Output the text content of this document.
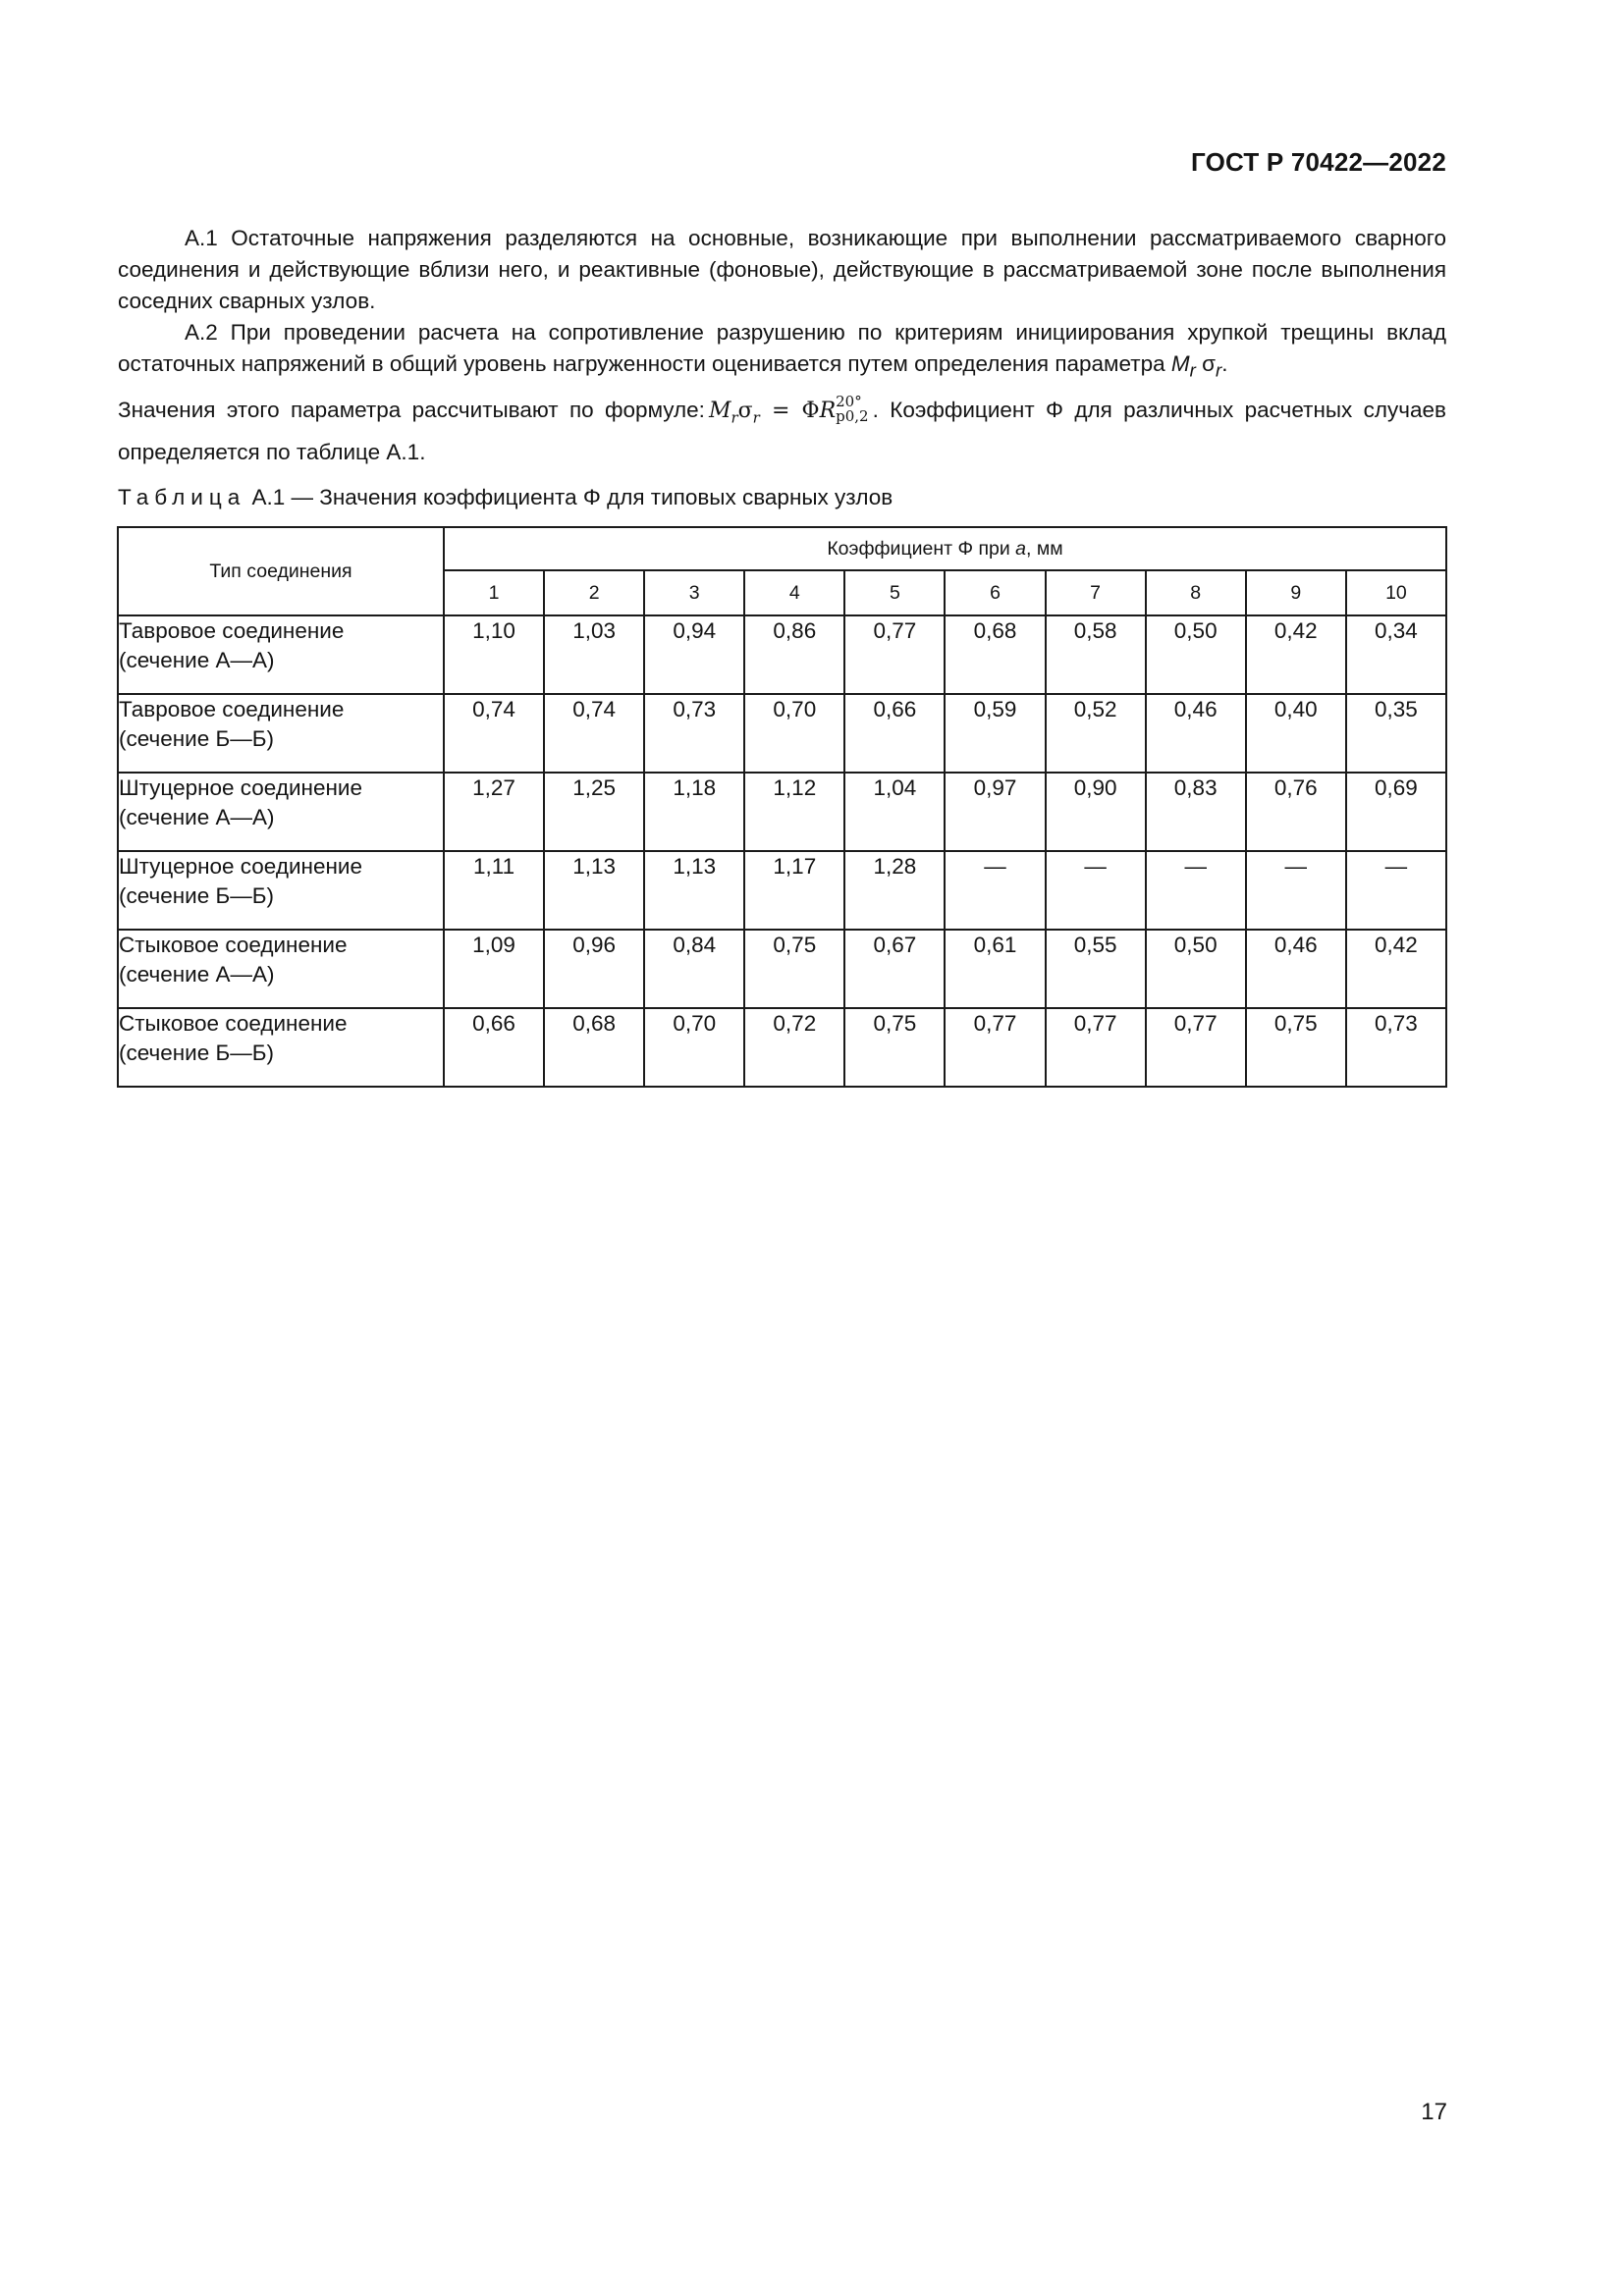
ГОСТ Р 70422—2022

А.1 Остаточные напряжения разделяются на основные, возникающие при выполнении рассматриваемого сварного соединения и действующие вблизи него, и реактивные (фоновые), действующие в рассматриваемой зоне после выполнения соседних сварных узлов.

А.2 При проведении расчета на сопротивление разрушению по критериям инициирования хрупкой трещины вклад остаточных напряжений в общий уровень нагруженности оценивается путем определения параметра $M_r$ $\sigma_r$.

Значения этого параметра рассчитывают по формуле: $M_r\sigma_r = \Phi R$ 20°
p0,2 . Коэффициент Φ для различных расчетных случаев определяется по таблице А.1.

Таблица А.1 — Значения коэффициента Φ для типовых сварных узлов
Тип соединения	Коэффициент Φ при а, мм									
	1	2	3	4	5	6	7	8	9	10

Тавровое соединение
(сечение А—А)	1,10	1,03	0,94	0,86	0,77	0,68	0,58	0,50	0,42	0,34

Тавровое соединение
(сечение Б—Б)	0,74	0,74	0,73	0,70	0,66	0,59	0,52	0,46	0,40	0,35

Штуцерное соединение
(сечение А—А)	1,27	1,25	1,18	1,12	1,04	0,97	0,90	0,83	0,76	0,69

Штуцерное соединение
(сечение Б—Б)	1,11	1,13	1,13	1,17	1,28	—	—	—	—	—

Стыковое соединение
(сечение А—А)	1,09	0,96	0,84	0,75	0,67	0,61	0,55	0,50	0,46	0,42

Стыковое соединение
(сечение Б—Б)	0,66	0,68	0,70	0,72	0,75	0,77	0,77	0,77	0,75	0,73
17
